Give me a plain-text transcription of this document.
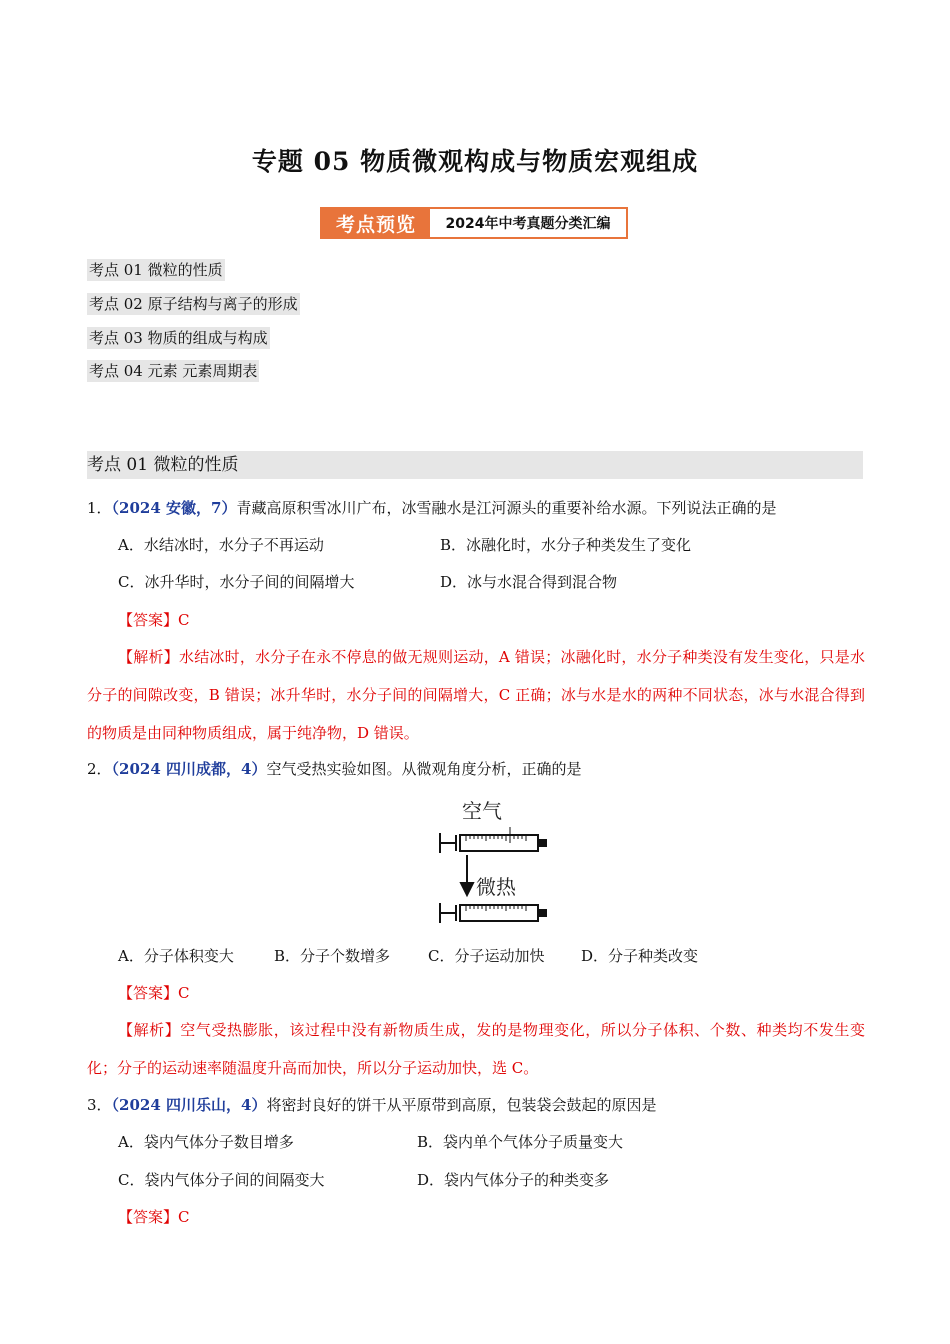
专题 05 物质微观构成与物质宏观组成
考点预览	2024年中考真题分类汇编
考点 01 微粒的性质
考点 02 原子结构与离子的形成
考点 03 物质的组成与构成
考点 04 元素 元素周期表
考点 01 微粒的性质
1．（2024 安徽，7）青藏高原积雪冰川广布，冰雪融水是江河源头的重要补给水源。下列说法正确的是
A．水结冰时，水分子不再运动	B．冰融化时，水分子种类发生了变化
C．冰升华时，水分子间的间隔增大	D．冰与水混合得到混合物
【答案】C
【解析】水结冰时，水分子在永不停息的做无规则运动，A 错误；冰融化时，水分子种类没有发生变化，只是水分子的间隙改变，B 错误；冰升华时，水分子间的间隔增大，C 正确；冰与水是水的两种不同状态，冰与水混合得到的物质是由同种物质组成，属于纯净物，D 错误。
2．（2024 四川成都，4）空气受热实验如图。从微观角度分析，正确的是
空气
微热
A．分子体积变大	B．分子个数增多	C．分子运动加快 D．分子种类改变
【答案】C
【解析】空气受热膨胀，该过程中没有新物质生成，发的是物理变化，所以分子体积、个数、种类均不发生变化；分子的运动速率随温度升高而加快，所以分子运动加快，选 C。
3．（2024 四川乐山，4）将密封良好的饼干从平原带到高原，包装袋会鼓起的原因是
A．袋内气体分子数目增多	B．袋内单个气体分子质量变大
C．袋内气体分子间的间隔变大	D．袋内气体分子的种类变多
【答案】C
